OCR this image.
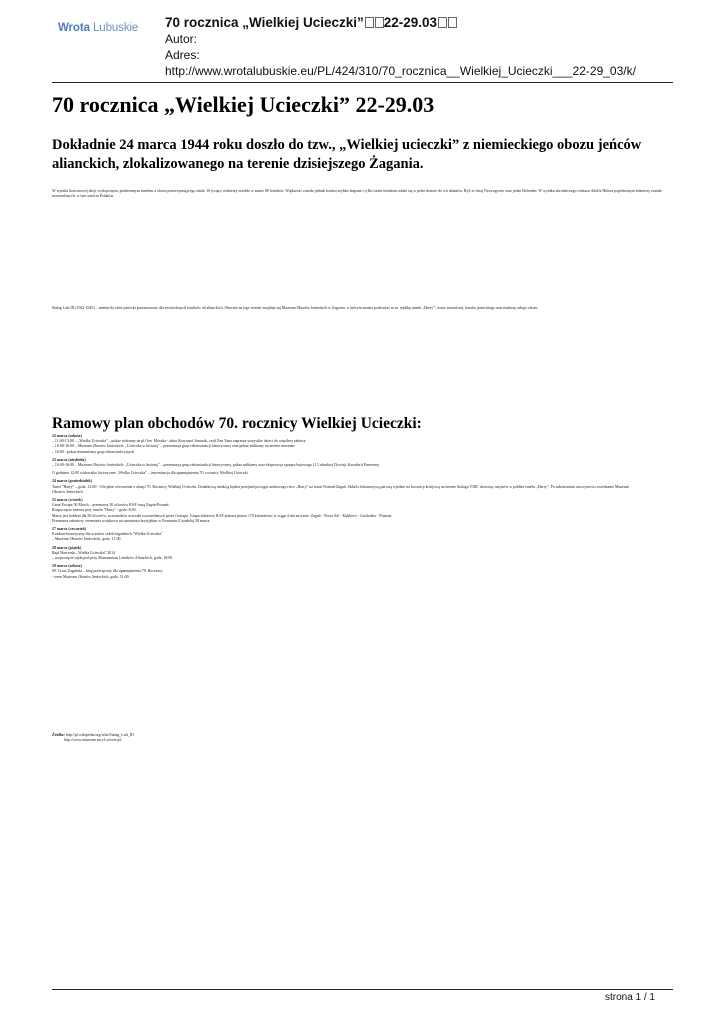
Wrota Lubuskie 70 rocznica „Wielkiej Ucieczki” 22-29.03
Autor:
Adres:
http://www.wrotalubuskie.eu/PL/424/310/70_rocznica__Wielkiej_Ucieczki___22-29_03/k/
70 rocznica „Wielkiej Ucieczki” 22-29.03

Dokładnie 24 marca 1944 roku doszło do tzw., „Wielkiej ucieczki” z niemieckiego obozu jeńców alianckich, zlokalizowanego na terenie dzisiejszego Żagania.

W wyniku brawurowej akcji wydrążonym, podziemnym tunelem z obozu przetrzymującego około 10 tysięcy żołnierzy uciekło w sumie 80 lotników. Większość została jednak bardzo szybko złapana i tylko trzem lotnikom udało się w pełni dotrzeć do ich aliantów. Byli to dwaj Norwegowie oraz jeden Holender. W wyniku zbrodniczego rozkazu Adolfa Hitlera popełnionym żołnierzy zostało rozstrzelanych, w tym sześciu Polaków.

Stalag Luft III (1942-1945) – niemiecki obóz jeniecki przeznaczony dla zestrzelonych lotników sił alianckich. Obecnie na jego terenie znajduje się Muzeum Obozów Jenieckich w Żaganiu, w którym można podziwiać m.in. replikę tunelu „Harry”, wraty strażniczej, baraku jenieckiego oraz makietę całego obozu.

Ramowy plan obchodów 70. rocznicy Wielkiej Ucieczki:
22 marca (sobota)
– 11:00-13:00 – „Wielka Ucieczka” – pokaz rodzinny na pl.Gen. Maczka - aktor Krzysztof Janczak, czyli Pan Vapu zaprasza wszystkie dzieci do wspólnej zabawy.
– 10:00-16:00 – Muzeum Obozów Jenieckich: „Ucieczka w historię” – prezentacja grup rekonstrukcji historycznej oraz pokaz militarny na terenie muzeum
– 16:00 - pokaz dynamiczny grup rekonstrukcyjnych
23 marca (niedziela)
– 10:00-16:00 – Muzeum Obozów Jenieckich: „Ucieczka w historię” – prezentacja grup rekonstrukcji historycznej, pokaz militarny oraz ekspozycja sprzętu bojowego 11 Lubuskiej Dywizji Kawalerii Pancernej
O godzinie 12:00 widowisko historyczne „Wielka Ucieczka” – inscenizacja dla upamiętnienia 70. rocznicy Wielkiej Ucieczki.
24 marca (poniedziałek)
Tunel "Harry" – godz. 12:00 - Oficjalne otworzenie z okazji 70. Rocznicy Wielkiej Ucieczki. Dodatkową atrakcją będzie przejazd pociągu osobowego retro „Harry” na trasie Poznań-Żagań. Skład z lokomotywą parową wjedzie na bocznicę kolejową na terenie Stalagu VIIIC dowożąc turystów w pobliże tunelu „Harry”. Po zakończeniu uroczystości zwiedzanie Muzeum
Obozów Jenieckich.
25 marca (wtorek)
Great Escape 50 March – przemarsz 50 oficerów RAF trasą Żagań-Poznań.
Rozpoczęcie marszu przy tunelu "Harry" - godz. 8:30.
Marsz jest hołdem dla 50 oficerów, uczestników ucieczki rozstrzelanych przez Gestapo. Grupa żołnierzy RAF pokona pieszo 170 kilometrów w ciągu 4 dni na trasie: Żagań - Nowa Sól - Kębłowo - Grodzisko - Poznań.
Przemarsz zakończy ceremonia wojskowa na cmentarzu brytyjskim w Poznaniu (Cytadela) 28 marca.
27 marca (czwartek)
Konkurs historyczny dla uczniów szkół żagańskich "Wielka Ucieczka"
– Muzeum Obozów Jenieckich, godz. 11:00
28 marca (piątek)
Rajd Harcerski „Wielka Ucieczka” 2014
– rozpoczęcie rajdu pod przy Muzeumiom Lotników Alianckich, godz. 18:00
29 marca (sobota)
69. Cross Żagański – bieg poświęcony dla upamiętnienia 70. Rocznicy.
- teren Muzeum Obozów Jenieckich, godz. 11:00
Źródła: http://pl.wikipedia.org/wiki/Stalag_Luft_III
http://www.muzeum.zary1.serwer.pl/
strona 1 / 1
